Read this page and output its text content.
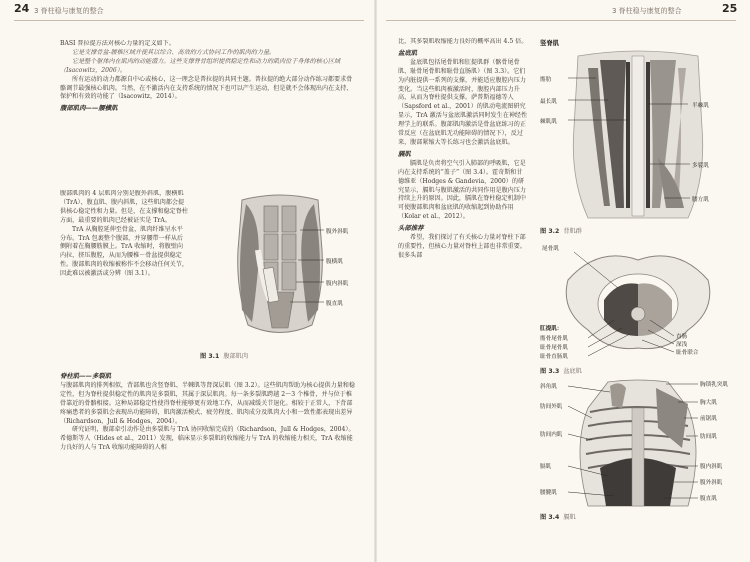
24 3 脊柱稳与康复的整合

BASI 普拉提方法对核心力量的定义如下。

它是支撑骨盆-腰椎区域并使其以综合、高效的方式协同工作的肌肉的力量。

它是整个躯体内在肌肉的动能潜力。这些支撑脊骨组织提供稳定性和动力的肌肉位于身体的核心区域（Isacowitz，2006）。

所有运动的动力都源自中心或核心，这一理念是普拉提的共同主题。普拉提的绝大部分动作练习都要求骨骼调节最强核心肌肉。当然，在不激活内在支持系统的情况下也可以产生运动，但是就不会体现出内在支持、保护和有效的功能了（Isacowitz，2014）。

腹部肌肉——腰横肌

腹部肌肉的 4 层肌肉分别是腹外斜肌，腹横肌（TrA）、腹直肌、腹内斜肌，这些肌肉都会提供核心稳定性和力量。但是，在支撑和稳定脊柱方面，最重要的肌肉已经被证实是 TrA。

TrA 从胸腔延伸至骨盆，肌肉纤维呈水平分布。TrA 包裹整个腹部，并穿腰带一样从后侧附着在胸腰筋膜上。TrA 收缩时，将腹壁向内拉，挤压腹腔，从而为腰椎－骨盆提供稳定性。腹部肌肉的收缩被称作不会移动任何关节，因此难以被激活或分辨（图 3.1）。

腹外斜肌
腹横肌
腹内斜肌
腹直肌
图 3.1 腹部肌肉
脊柱肌——多裂肌

与腹部肌肉的排列相似，背部肌也含竖脊肌、半棘肌等肾深层肌（图 3.2）。这些肌肉帮助为核心提供力量和稳定性，但为脊柱提供稳定性的肌肉是多裂肌，其属于深层肌肉。每一条多裂肌跨越 2～3 个椎骨，并与位于椎骨靠近的骨骼相接。这种局部稳定性使得脊柱能够更有效地工作，从而减缓关节退化。相较于正常人，下背部疼痛患者的多裂肌会表现出功能障碍，肌肉激活模式、疲劳程度、肌肉成分及肌肉大小和一致性都表现出差异（Richardson，Jull & Hodges，2004）。

研究证明，腹部牵引动作是由多裂肌与 TrA 协同收缩完成的（Richardson，Jull & Hodges，2004）。希德斯等人（Hides et al.，2011）发现，临床显示多裂肌的收缩能力与 TrA 的收缩能力相关，TrA 收缩能力良好的人与 TrA 收缩功能障碍的人相

3 脊柱稳与康复的整合	25

比，其多裂肌收缩能力良好的概率高出 4.5 倍。

盆底肌

盆底肌包括尾骨肌和肛提肌群（髂骨尾骨肌、耻骨尾骨肌和耻骨直肠肌）（图 3.3）。它们为内脏提供一系列的支撑，并能适应腹腔内压力变化。当这些肌肉被激活时，腹腔内部压力升高，从而为脊柱提供支撑。萨普斯福德等人（Sapsford et al.，2001）的肌动电流图研究显示，TrA 激活与盆底肌激活同时发生在神经性理学上的联系。腹部肌肉激活是骨盆底练习的正常反应（在盆底肌无功能障碍的情况下），反过来，腹部紧缩大等长练习也会激活盆底肌。

膈肌

膈肌是负责将空气引入肺部的呼吸肌，它是内在支持系统的“盖子”（图 3.4）。霍奇斯和甘德维亚（Hodges & Gandevia，2000）的研究显示，膈肌与腹肌激活的共同作用是腹内压力持续上升的原因。因此，膈肌在脊柱稳定机制中可使腹部肌肉和盆底肌的收缩起到协助作用（Kolar et al.，2012）。

头部推荐

希望，我们探讨了有关核心力量对脊柱下部的重要性，但核心力量对脊柱上部也非常重要。很多头部

竖脊肌
髂肋
最长肌
棘肌肌
半棘肌
多裂肌
腰方肌
图 3.2 背肌群
尾骨肌
肛提肌：
髂骨尾骨肌
耻骨尾骨肌
耻骨直肠肌
直肠
深浅
耻骨联合
图 3.3 盆底肌
斜角肌
肋间外肌
肋间内肌
膈肌
腰腱肌
胸锁乳突肌
胸大肌
前锯肌
肋间肌
腹内斜肌
腹外斜肌
腹直肌
图 3.4 膈肌
